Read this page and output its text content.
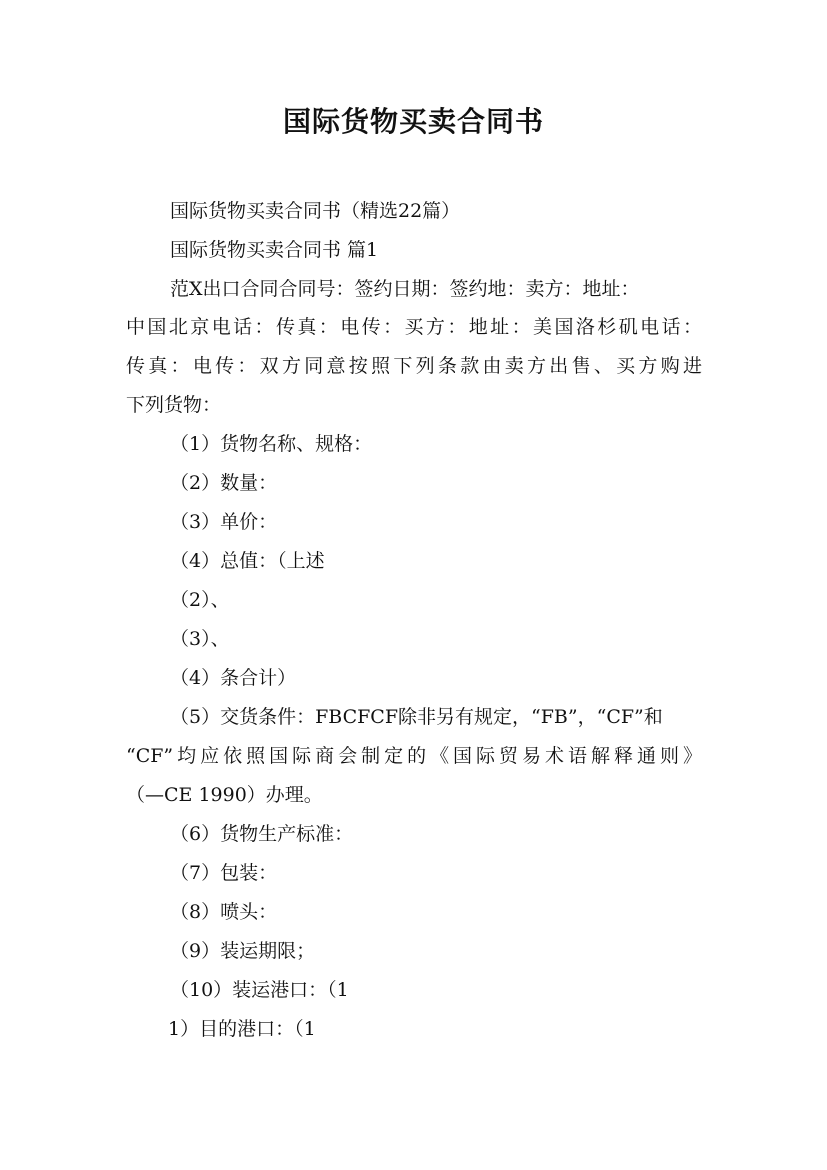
国际货物买卖合同书
国际货物买卖合同书（精选22篇）
国际货物买卖合同书 篇1
范X出口合同合同号：签约日期：签约地：卖方：地址：
中国北京电话：传真：电传：买方：地址：美国洛杉矶电话：
传真：电传：双方同意按照下列条款由卖方出售、买方购进
下列货物：
（1）货物名称、规格：
（2）数量：
（3）单价：
（4）总值：（上述
（2）、
（3）、
（4）条合计）
（5）交货条件：FBCFCF除非另有规定，“FB”，“CF”和
“CF”均应依照国际商会制定的《国际贸易术语解释通则》
（—CE 1990）办理。
（6）货物生产标准：
（7）包装：
（8）喷头：
（9）装运期限；
（10）装运港口：（1
1）目的港口：（1
